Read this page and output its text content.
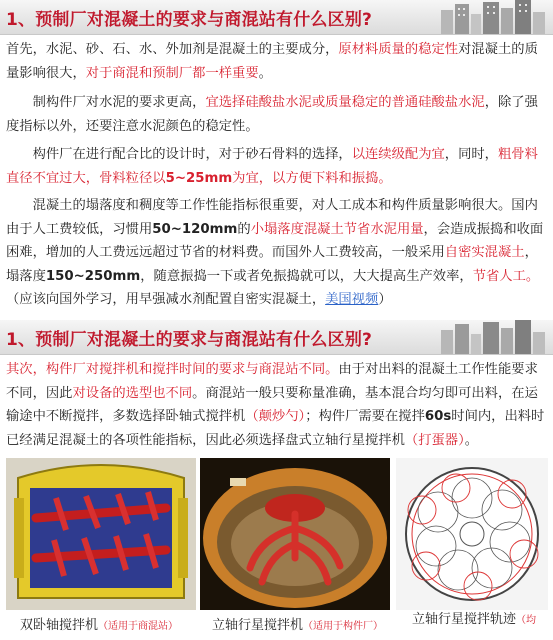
1、预制厂对混凝土的要求与商混站有什么区别?
首先，水泥、砂、石、水、外加剂是混凝土的主要成分，原材料质量的稳定性对混凝土的质量影响很大，对于商混和预制厂都一样重要。
制构件厂对水泥的要求更高，宜选择硅酸盐水泥或质量稳定的普通硅酸盐水泥，除了强度指标以外，还要注意水泥颜色的稳定性。
构件厂在进行配合比的设计时，对于砂石骨料的选择，以连续级配为宜，同时，粗骨料直径不宜过大，骨料粒径以5~25mm为宜，以方便下料和振捣。
混凝土的塌落度和稠度等工作性能指标很重要，对人工成本和构件质量影响很大。国内由于人工费较低，习惯用50~120mm的小塌落度混凝土节省水泥用量，会造成振捣和收面困难，增加的人工费远远超过节省的材料费。而国外人工费较高，一般采用自密实混凝土，塌落度150~250mm，随意振捣一下或者免振捣就可以，大大提高生产效率，节省人工。（应该向国外学习，用早强减水剂配置自密实混凝土，美国视频）
1、预制厂对混凝土的要求与商混站有什么区别?
其次，构件厂对搅拌机和搅拌时间的要求与商混站不同。由于对出料的混凝土工作性能要求不同，因此对设备的选型也不同。商混站一般只要称量准确，基本混合均匀即可出料，在运输途中不断搅拌，多数选择卧轴式搅拌机（颠炒勺）；构件厂需要在搅拌60s时间内，出料时已经满足混凝土的各项性能指标，因此必须选择盘式立轴行星搅拌机（打蛋器）。
双卧轴搅拌机（适用于商混站）	立轴行星搅拌机（适用于构件厂） 立轴行星搅拌轨迹（均
